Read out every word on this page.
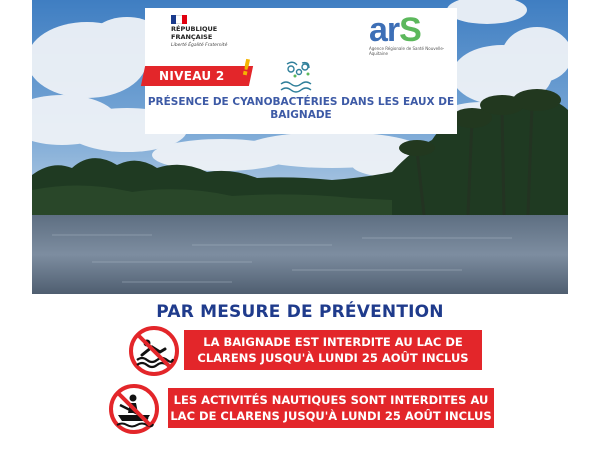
RÉPUBLIQUE FRANÇAISE
Liberté Égalité Fraternité	arS
Agence Régionale de Santé Nouvelle-Aquitaine
NIVEAU 2 !
PRÉSENCE DE CYANOBACTÉRIES DANS LES EAUX DE BAIGNADE
PAR MESURE DE PRÉVENTION
LA BAIGNADE EST INTERDITE AU LAC DE CLARENS JUSQU'À LUNDI 25 AOÛT INCLUS
LES ACTIVITÉS NAUTIQUES SONT INTERDITES AU LAC DE CLARENS JUSQU'À LUNDI 25 AOÛT INCLUS
